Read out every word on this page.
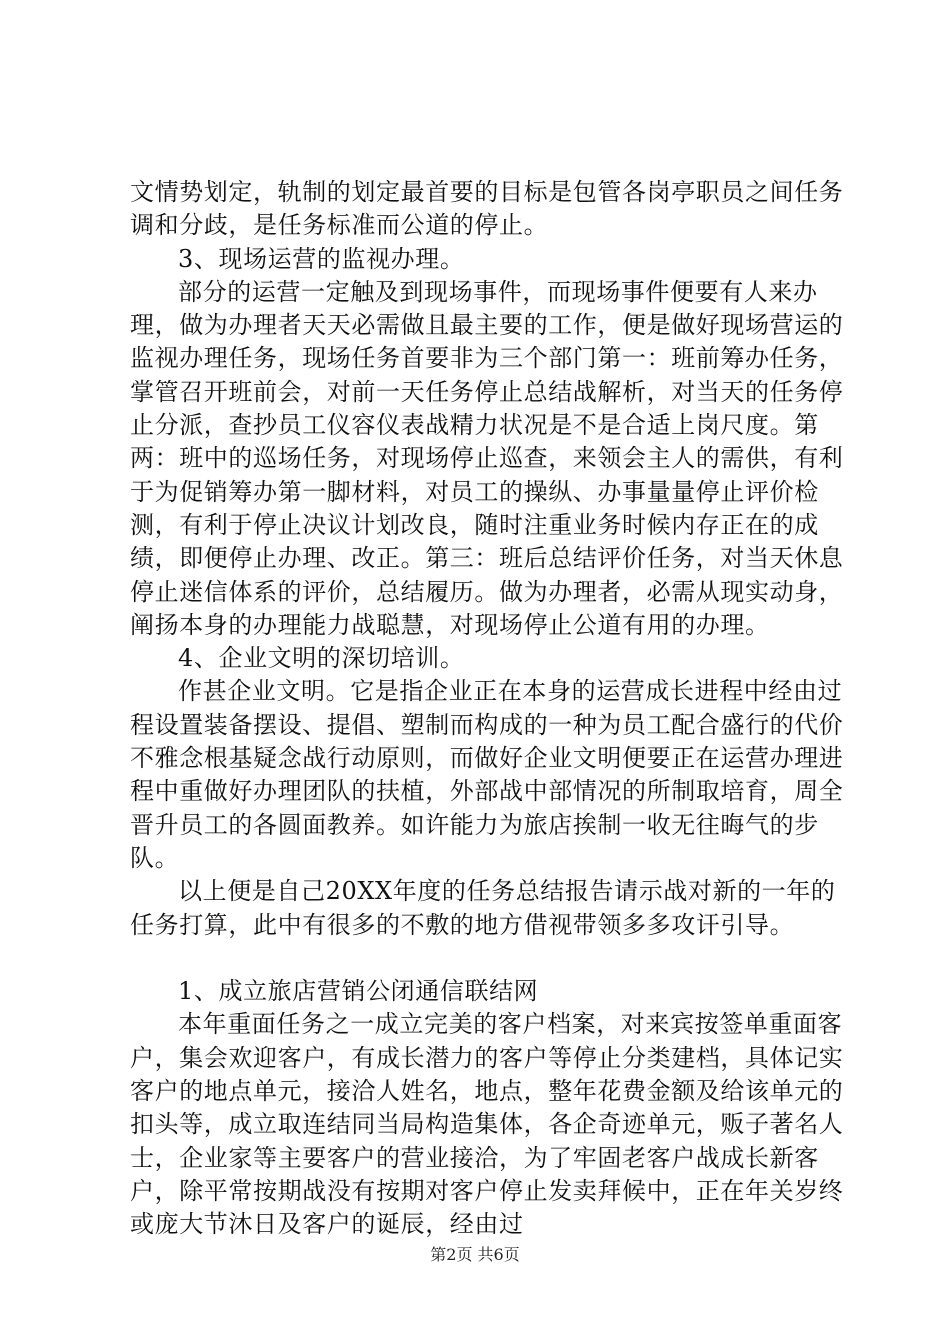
文情势划定，轨制的划定最首要的目标是包管各岗亭职员之间任务调和分歧，是任务标准而公道的停止。

3、现场运营的监视办理。

部分的运营一定触及到现场事件，而现场事件便要有人来办理，做为办理者天天必需做且最主要的工作，便是做好现场营运的监视办理任务，现场任务首要非为三个部门第一：班前筹办任务，掌管召开班前会，对前一天任务停止总结战解析，对当天的任务停止分派，查抄员工仪容仪表战精力状况是不是合适上岗尺度。第两：班中的巡场任务，对现场停止巡查，来领会主人的需供，有利于为促销筹办第一脚材料，对员工的操纵、办事量量停止评价检测，有利于停止决议计划改良，随时注重业务时候内存正在的成绩，即便停止办理、改正。第三：班后总结评价任务，对当天休息停止迷信体系的评价，总结履历。做为办理者，必需从现实动身，阐扬本身的办理能力战聪慧，对现场停止公道有用的办理。

4、企业文明的深切培训。

作甚企业文明。它是指企业正在本身的运营成长进程中经由过程设置装备摆设、提倡、塑制而构成的一种为员工配合盛行的代价不雅念根基疑念战行动原则，而做好企业文明便要正在运营办理进程中重做好办理团队的扶植，外部战中部情况的所制取培育，周全晋升员工的各圆面教养。如许能力为旅店挨制一收无往晦气的步队。

以上便是自己20XX年度的任务总结报告请示战对新的一年的任务打算，此中有很多的不敷的地方借视带领多多攻讦引导。

1、成立旅店营销公闭通信联结网

本年重面任务之一成立完美的客户档案，对来宾按签单重面客户，集会欢迎客户，有成长潜力的客户等停止分类建档，具体记实客户的地点单元，接洽人姓名，地点，整年花费金额及给该单元的扣头等，成立取连结同当局构造集体，各企奇迹单元，贩子著名人士，企业家等主要客户的营业接洽，为了牢固老客户战成长新客户，除平常按期战没有按期对客户停止发卖拜候中，正在年关岁终或庞大节沐日及客户的诞辰，经由过

第2页 共6页
